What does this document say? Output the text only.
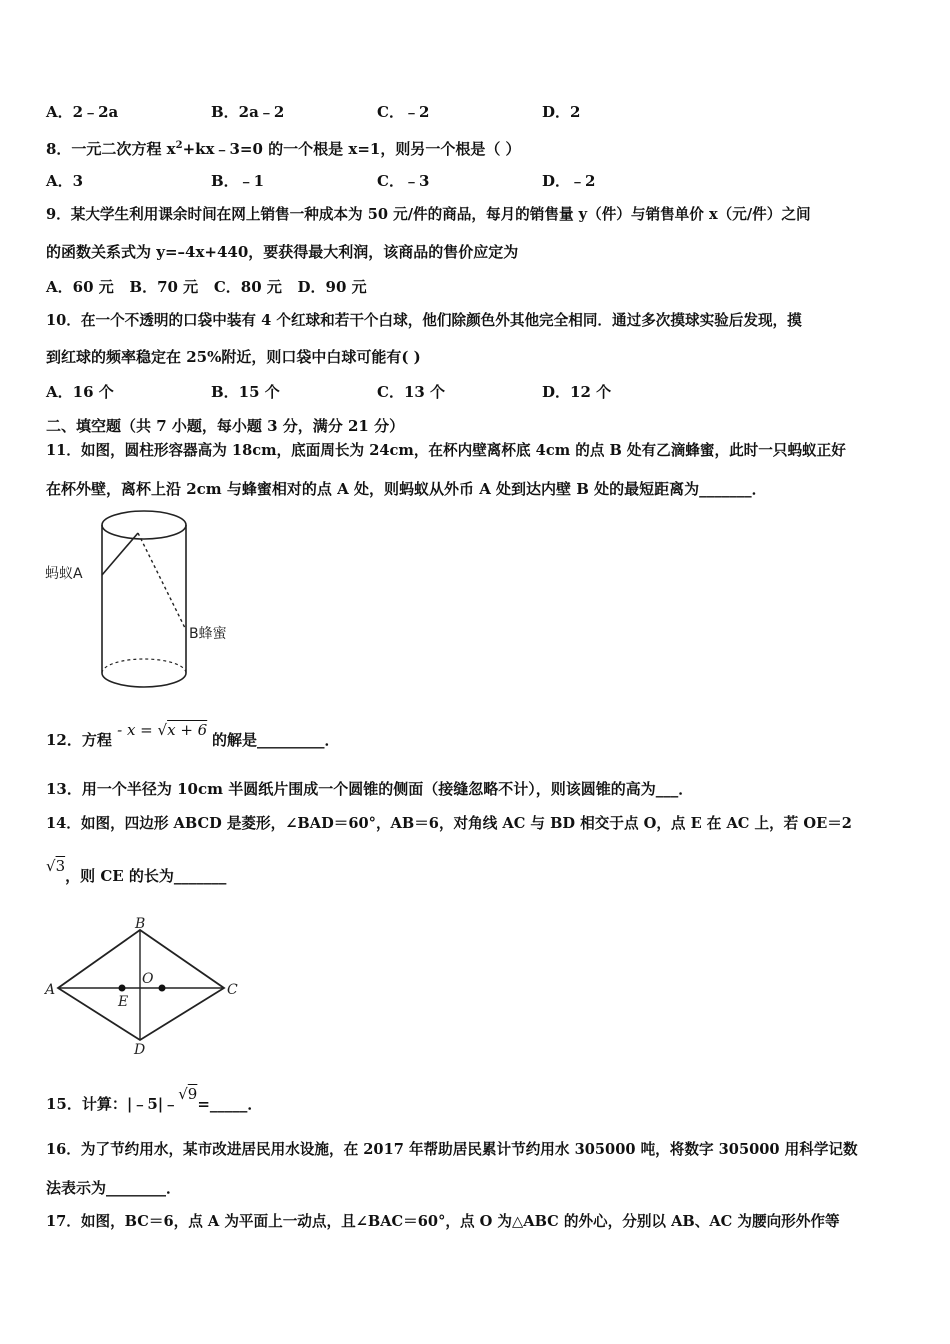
A．2﹣2a	B．2a﹣2	C．﹣2	D．2
8．一元二次方程 $x^2+kx﹣3=0$ 的一个根是 x=1，则另一个根是（ ）
A．3	B．﹣1	C．﹣3	D．﹣2
9．某大学生利用课余时间在网上销售一种成本为 50 元/件的商品，每月的销售量 y（件）与销售单价 x（元/件）之间
的函数关系式为 y=–4x+440，要获得最大利润，该商品的售价应定为
A．60 元   B．70 元   C．80 元   D．90 元
10．在一个不透明的口袋中装有 4 个红球和若干个白球，他们除颜色外其他完全相同．通过多次摸球实验后发现，摸
到红球的频率稳定在 25%附近，则口袋中白球可能有( )
A．16 个	B．15 个	C．13 个	D．12 个
二、填空题（共 7 小题，每小题 3 分，满分 21 分）
11．如图，圆柱形容器高为 18cm，底面周长为 24cm，在杯内壁离杯底 4cm 的点 B 处有乙滴蜂蜜，此时一只蚂蚁正好
在杯外壁，离杯上沿 2cm 与蜂蜜相对的点 A 处，则蚂蚁从外币 A 处到达内壁 B 处的最短距离为_______．
蚂蚁A
B蜂蜜
12．方程 - x = √x + 6 的解是_________．
13．用一个半径为 10cm 半圆纸片围成一个圆锥的侧面（接缝忽略不计），则该圆锥的高为___．
14．如图，四边形 ABCD 是菱形，∠BAD＝60°，AB＝6，对角线 AC 与 BD 相交于点 O，点 E 在 AC 上，若 OE＝2
√3，则 CE 的长为_______
A
B
C
D
O
E
15．计算：|﹣5|﹣√9=_____．
16．为了节约用水，某市改进居民用水设施，在 2017 年帮助居民累计节约用水 305000 吨，将数字 305000 用科学记数
法表示为________．
17．如图，BC＝6，点 A 为平面上一动点，且∠BAC＝60°，点 O 为△ABC 的外心，分别以 AB、AC 为腰向形外作等
